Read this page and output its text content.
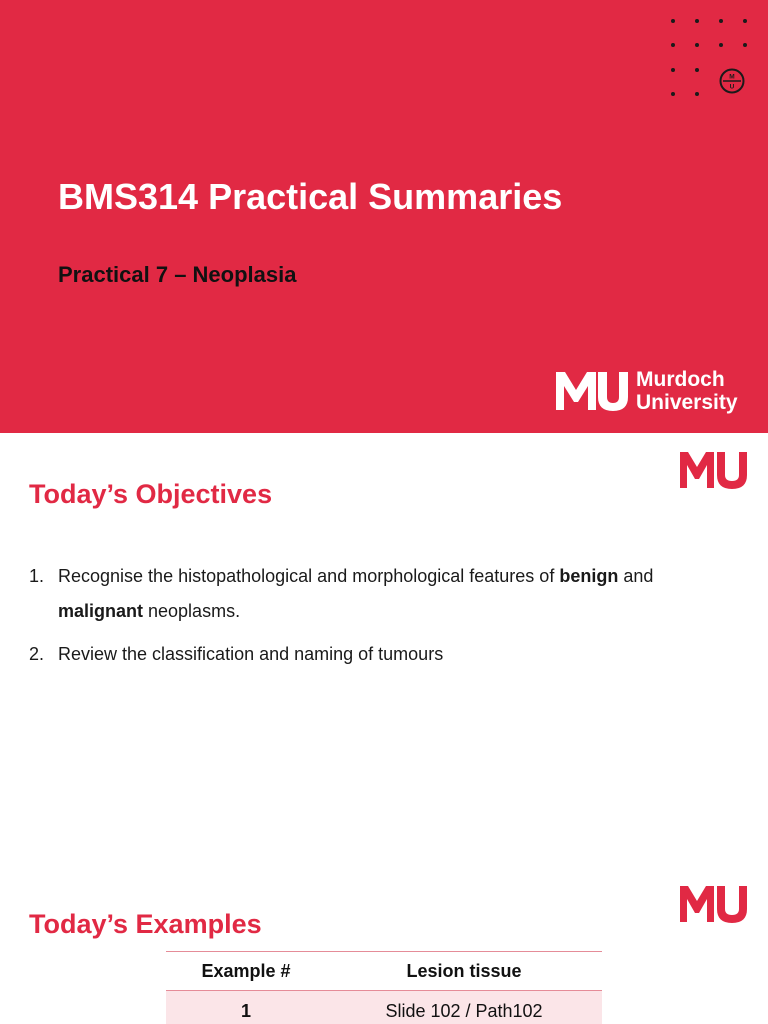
M
U
BMS314 Practical Summaries
Practical 7 – Neoplasia
Murdoch
University
Today’s Objectives
1. Recognise the histopathological and morphological features of benign and malignant neoplasms.
2. Review the classification and naming of tumours
Today’s Examples
Example #	Lesion tissue
1	Slide 102 / Path102
